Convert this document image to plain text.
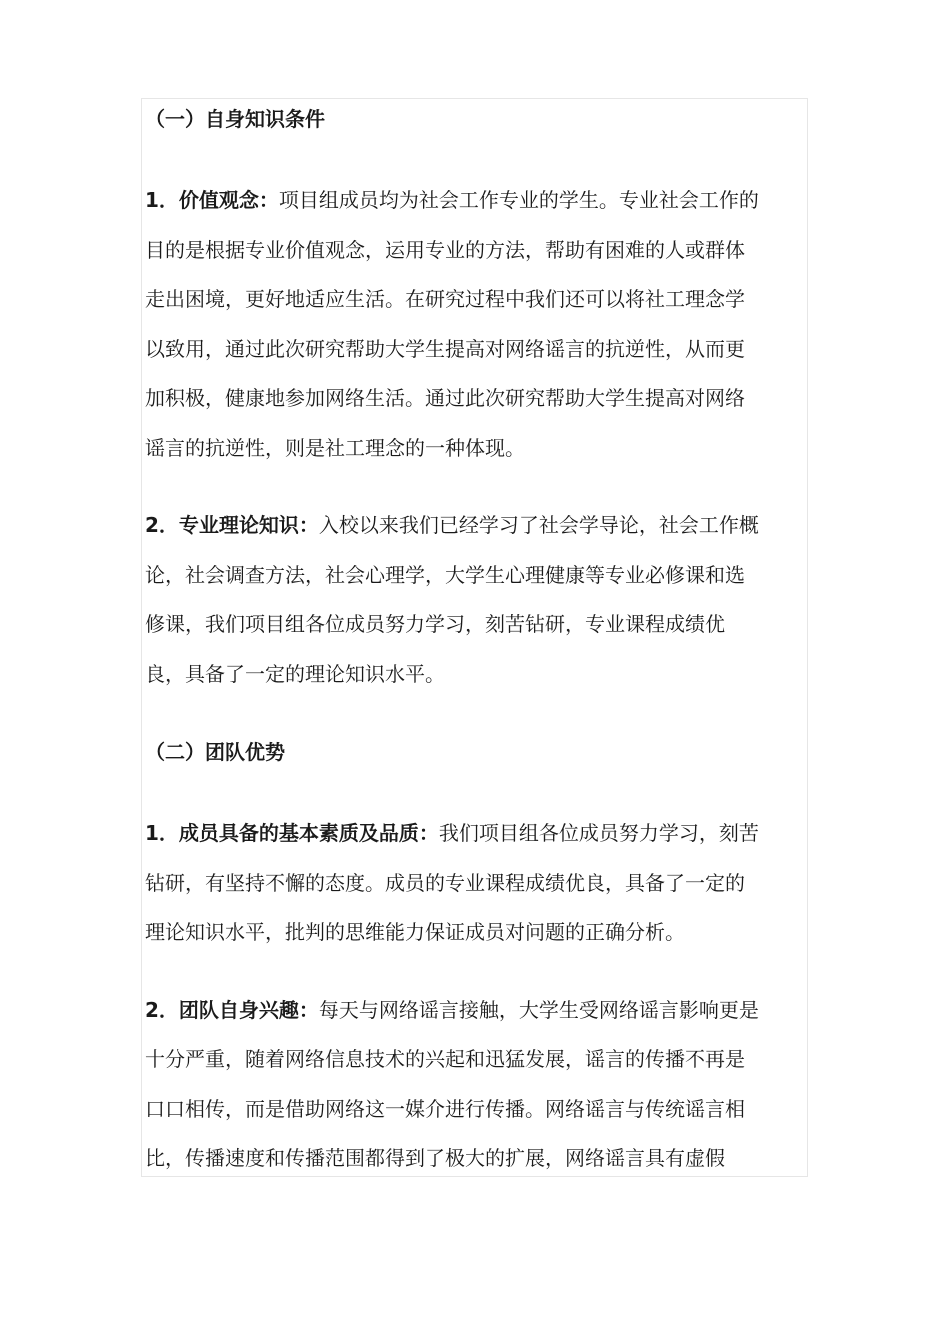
（一）自身知识条件

1．价值观念：项目组成员均为社会工作专业的学生。专业社会工作的
目的是根据专业价值观念，运用专业的方法，帮助有困难的人或群体
走出困境，更好地适应生活。在研究过程中我们还可以将社工理念学
以致用，通过此次研究帮助大学生提高对网络谣言的抗逆性，从而更
加积极，健康地参加网络生活。通过此次研究帮助大学生提高对网络
谣言的抗逆性，则是社工理念的一种体现。

2．专业理论知识：入校以来我们已经学习了社会学导论，社会工作概
论，社会调查方法，社会心理学，大学生心理健康等专业必修课和选
修课，我们项目组各位成员努力学习，刻苦钻研，专业课程成绩优
良，具备了一定的理论知识水平。

（二）团队优势

1．成员具备的基本素质及品质：我们项目组各位成员努力学习，刻苦
钻研，有坚持不懈的态度。成员的专业课程成绩优良，具备了一定的
理论知识水平，批判的思维能力保证成员对问题的正确分析。

2．团队自身兴趣：每天与网络谣言接触，大学生受网络谣言影响更是
十分严重，随着网络信息技术的兴起和迅猛发展，谣言的传播不再是
口口相传，而是借助网络这一媒介进行传播。网络谣言与传统谣言相
比，传播速度和传播范围都得到了极大的扩展，网络谣言具有虚假
